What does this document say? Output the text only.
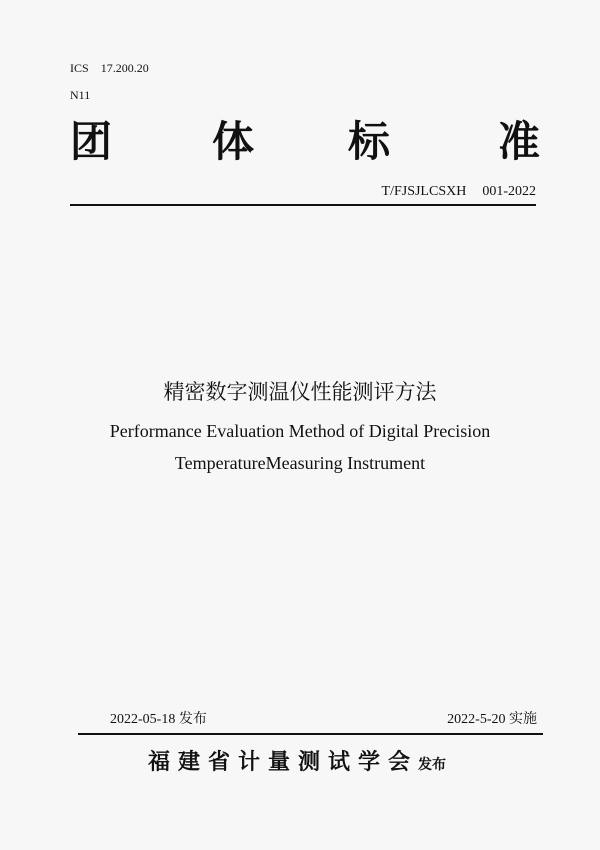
ICS 17.200.20
N11
团 体 标	准
T/FJSJLCSXH 001-2022
精密数字测温仪性能测评方法
Performance Evaluation Method of Digital Precision
TemperatureMeasuring Instrument
2022-05-18 发布	2022-5-20 实施
福建省计量测试学会发布
